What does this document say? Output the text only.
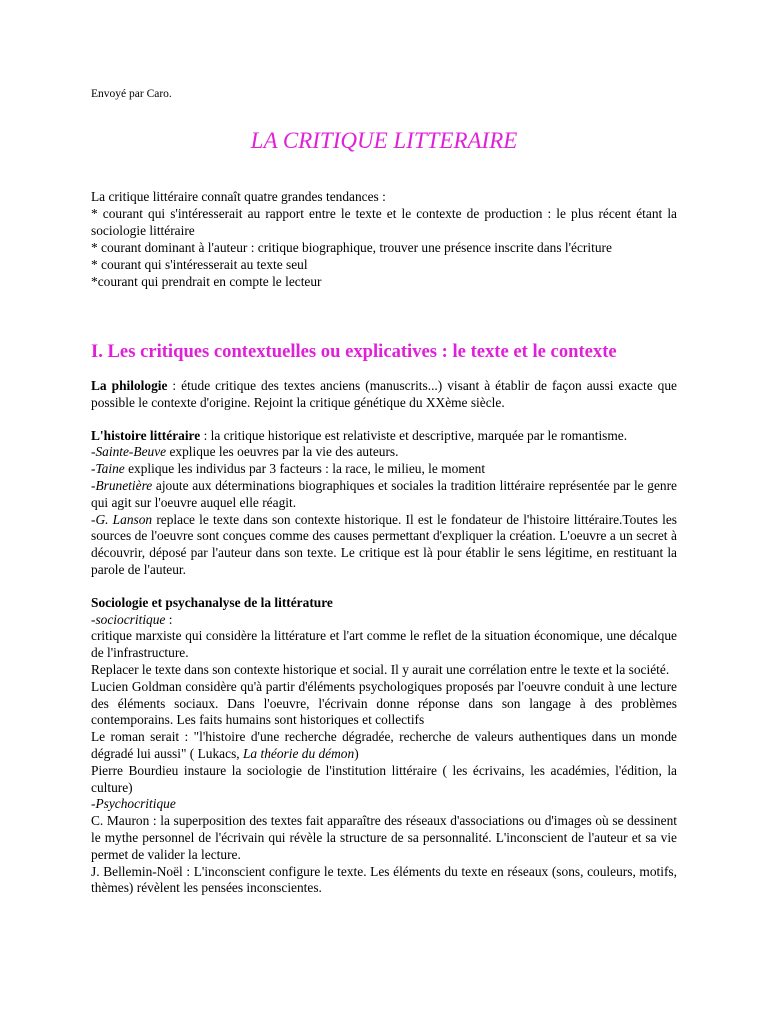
Envoyé par Caro.
LA CRITIQUE LITTERAIRE

La critique littéraire connaît quatre grandes tendances :

* courant qui s'intéresserait au rapport entre le texte et le contexte de production : le plus récent étant la sociologie littéraire

* courant dominant à l'auteur : critique biographique, trouver une présence inscrite dans l'écriture

* courant qui s'intéresserait au texte seul

*courant qui prendrait en compte le lecteur

I. Les critiques contextuelles ou explicatives : le texte et le contexte

La philologie : étude critique des textes anciens (manuscrits...) visant à établir de façon aussi exacte que possible le contexte d'origine. Rejoint la critique génétique du XXème siècle.

L'histoire littéraire : la critique historique est relativiste et descriptive, marquée par le romantisme.

-Sainte-Beuve explique les oeuvres par la vie des auteurs.

-Taine explique les individus par 3 facteurs : la race, le milieu, le moment

-Brunetière ajoute aux déterminations biographiques et sociales la tradition littéraire représentée par le genre qui agit sur l'oeuvre auquel elle réagit.

-G. Lanson replace le texte dans son contexte historique. Il est le fondateur de l'histoire littéraire.Toutes les sources de l'oeuvre sont conçues comme des causes permettant d'expliquer la création. L'oeuvre a un secret à découvrir, déposé par l'auteur dans son texte. Le critique est là pour établir le sens légitime, en restituant la parole de l'auteur.

Sociologie et psychanalyse de la littérature

-sociocritique :

critique marxiste qui considère la littérature et l'art comme le reflet de la situation économique, une décalque de l'infrastructure.

Replacer le texte dans son contexte historique et social. Il y aurait une corrélation entre le texte et la société.

Lucien Goldman considère qu'à partir d'éléments psychologiques proposés par l'oeuvre conduit à une lecture des éléments sociaux. Dans l'oeuvre, l'écrivain donne réponse dans son langage à des problèmes contemporains. Les faits humains sont historiques et collectifs

Le roman serait : "l'histoire d'une recherche dégradée, recherche de valeurs authentiques dans un monde dégradé lui aussi" ( Lukacs, La théorie du démon)

Pierre Bourdieu instaure la sociologie de l'institution littéraire ( les écrivains, les académies, l'édition, la culture)

-Psychocritique

C. Mauron : la superposition des textes fait apparaître des réseaux d'associations ou d'images où se dessinent le mythe personnel de l'écrivain qui révèle la structure de sa personnalité. L'inconscient de l'auteur et sa vie permet de valider la lecture.

J. Bellemin-Noël : L'inconscient configure le texte. Les éléments du texte en réseaux (sons, couleurs, motifs, thèmes) révèlent les pensées inconscientes.
